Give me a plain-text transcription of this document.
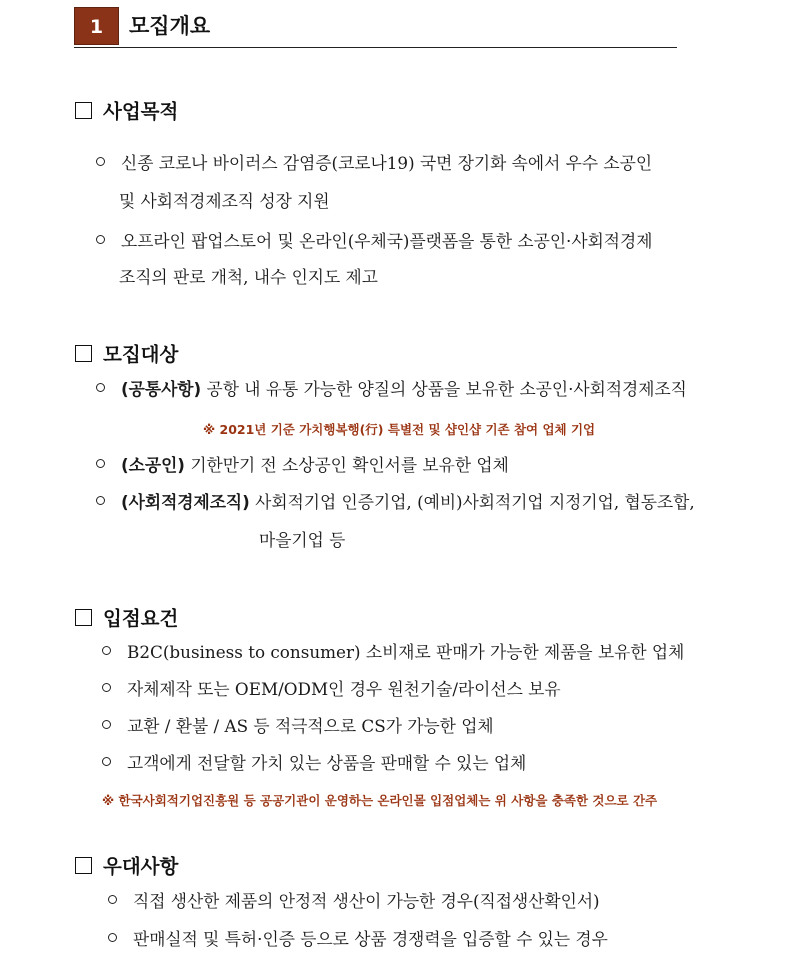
1	모집개요
사업목적
신종 코로나 바이러스 감염증(코로나19) 국면 장기화 속에서 우수 소공인
및 사회적경제조직 성장 지원
오프라인 팝업스토어 및 온라인(우체국)플랫폼을 통한 소공인·사회적경제
조직의 판로 개척, 내수 인지도 제고
모집대상
(공통사항) 공항 내 유통 가능한 양질의 상품을 보유한 소공인·사회적경제조직
※ 2021년 기준 가치행복행(行) 특별전 및 샵인샵 기존 참여 업체 기업
(소공인) 기한만기 전 소상공인 확인서를 보유한 업체
(사회적경제조직) 사회적기업 인증기업, (예비)사회적기업 지정기업, 협동조합,
마을기업 등
입점요건
B2C(business to consumer) 소비재로 판매가 가능한 제품을 보유한 업체
자체제작 또는 OEM/ODM인 경우 원천기술/라이선스 보유
교환 / 환불 / AS 등 적극적으로 CS가 가능한 업체
고객에게 전달할 가치 있는 상품을 판매할 수 있는 업체
※ 한국사회적기업진흥원 등 공공기관이 운영하는 온라인몰 입점업체는 위 사항을 충족한 것으로 간주
우대사항
직접 생산한 제품의 안정적 생산이 가능한 경우(직접생산확인서)
판매실적 및 특허·인증 등으로 상품 경쟁력을 입증할 수 있는 경우
